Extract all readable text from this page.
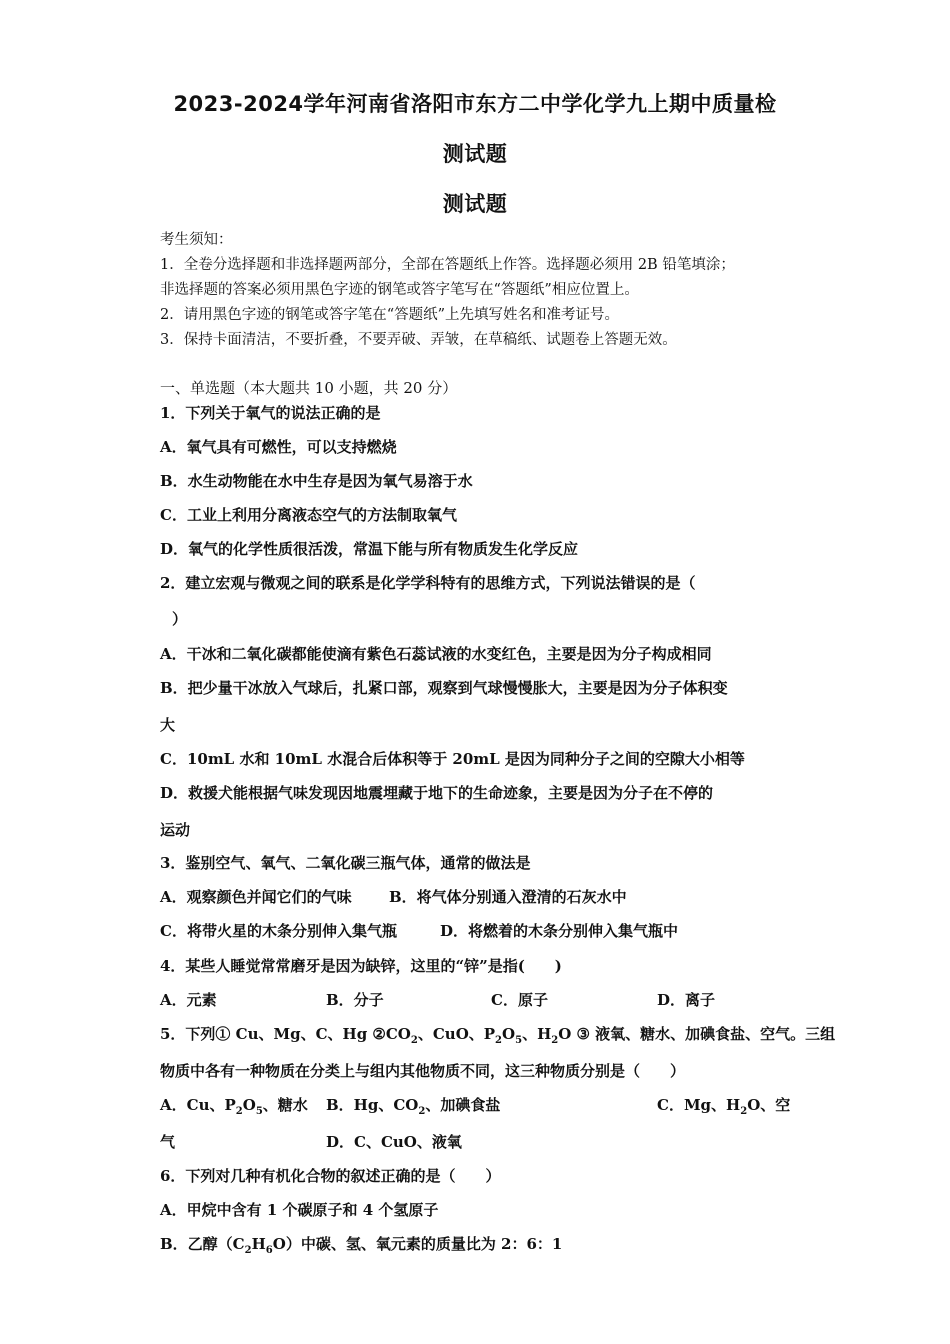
2023-2024学年河南省洛阳市东方二中学化学九上期中质量检
测试题
测试题
考生须知：
1．全卷分选择题和非选择题两部分，全部在答题纸上作答。选择题必须用 2B 铅笔填涂；
非选择题的答案必须用黑色字迹的钢笔或答字笔写在“答题纸”相应位置上。
2．请用黑色字迹的钢笔或答字笔在“答题纸”上先填写姓名和准考证号。
3．保持卡面清洁，不要折叠，不要弄破、弄皱，在草稿纸、试题卷上答题无效。
一、单选题（本大题共 10 小题，共 20 分）
1．下列关于氧气的说法正确的是
A．氧气具有可燃性，可以支持燃烧
B．水生动物能在水中生存是因为氧气易溶于水
C．工业上利用分离液态空气的方法制取氧气
D．氧气的化学性质很活泼，常温下能与所有物质发生化学反应
2．建立宏观与微观之间的联系是化学学科特有的思维方式，下列说法错误的是（
）
A．干冰和二氧化碳都能使滴有紫色石蕊试液的水变红色，主要是因为分子构成相同
B．把少量干冰放入气球后，扎紧口部，观察到气球慢慢胀大，主要是因为分子体积变
大
C．10mL 水和 10mL 水混合后体积等于 20mL 是因为同种分子之间的空隙大小相等
D．救援犬能根据气味发现因地震埋藏于地下的生命迹象，主要是因为分子在不停的
运动
3．鉴别空气、氧气、二氧化碳三瓶气体，通常的做法是
A．观察颜色并闻它们的气味 B．将气体分别通入澄清的石灰水中
C．将带火星的木条分别伸入集气瓶	D．将燃着的木条分别伸入集气瓶中
4．某些人睡觉常常磨牙是因为缺锌，这里的“锌”是指(　　)
A．元素	B．分子	C．原子	D．离子
5．下列① Cu、Mg、C、Hg $②CO_2$、CuO、$P_2O_5$、$H_2O$ ③ 液氧、糖水、加碘食盐、空气。三组
物质中各有一种物质在分类上与组内其他物质不同，这三种物质分别是（　　）
A．Cu、$P_2O_5$、糖水 B．Hg、$CO_2$、加碘食盐	C．Mg、$H_2O$、空
气	D．C、CuO、液氧
6．下列对几种有机化合物的叙述正确的是（　　）
A．甲烷中含有 1 个碳原子和 4 个氢原子
B．乙醇$(C_2H_6O)$中碳、氢、氧元素的质量比为 2：6：1
